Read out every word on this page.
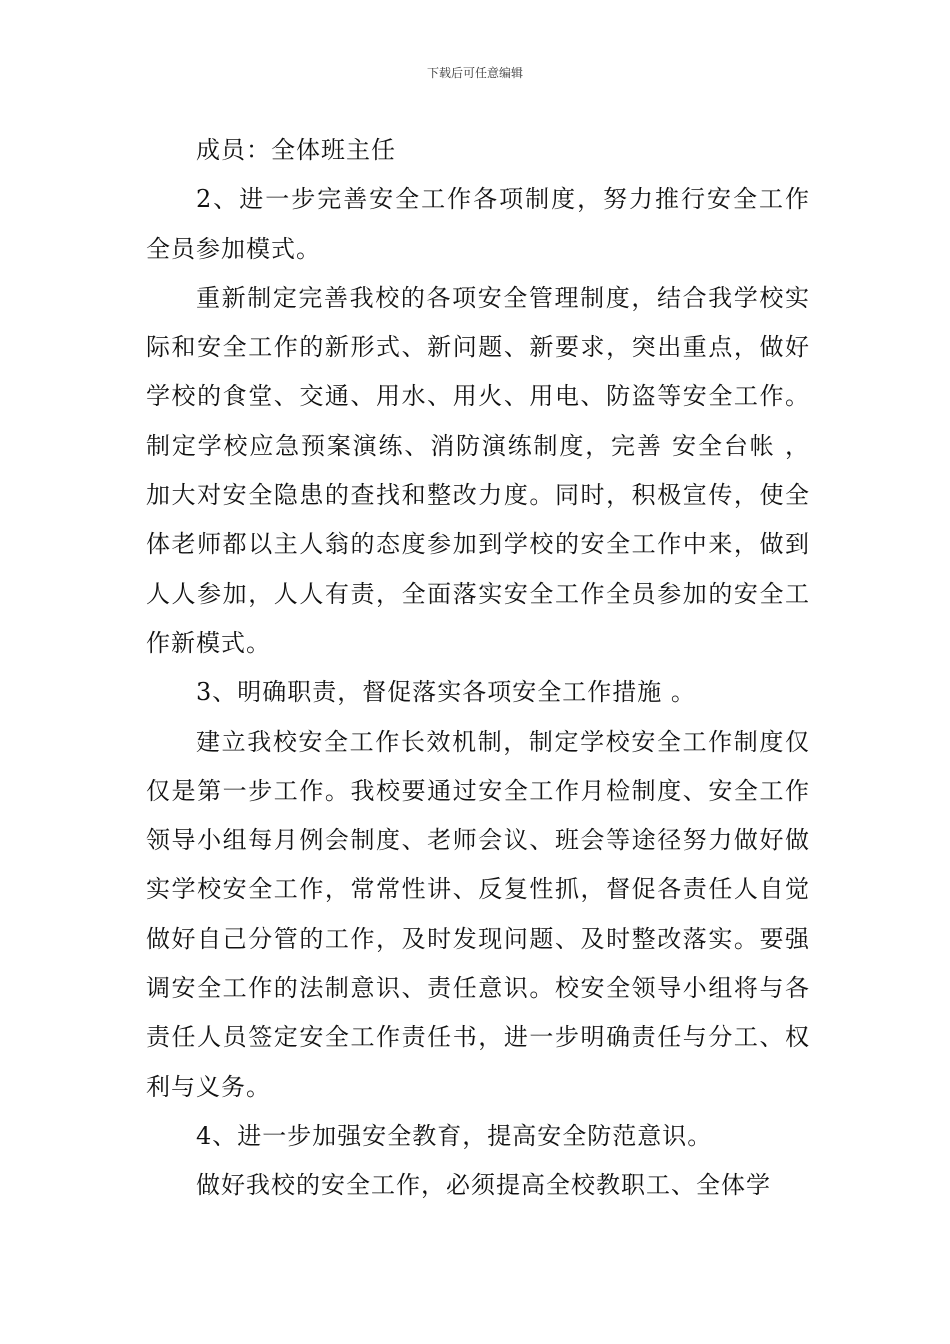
下载后可任意编辑

成员：全体班主任

2、进一步完善安全工作各项制度，努力推行安全工作全员参加模式。

重新制定完善我校的各项安全管理制度，结合我学校实际和安全工作的新形式、新问题、新要求，突出重点，做好学校的食堂、交通、用水、用火、用电、防盗等安全工作。制定学校应急预案演练、消防演练制度，完善 安全台帐 ，加大对安全隐患的查找和整改力度。同时，积极宣传，使全体老师都以主人翁的态度参加到学校的安全工作中来，做到人人参加，人人有责，全面落实安全工作全员参加的安全工作新模式。

3、明确职责，督促落实各项安全工作措施 。

建立我校安全工作长效机制，制定学校安全工作制度仅仅是第一步工作。我校要通过安全工作月检制度、安全工作领导小组每月例会制度、老师会议、班会等途径努力做好做实学校安全工作，常常性讲、反复性抓，督促各责任人自觉做好自己分管的工作，及时发现问题、及时整改落实。要强调安全工作的法制意识、责任意识。校安全领导小组将与各责任人员签定安全工作责任书，进一步明确责任与分工、权利与义务。

4、进一步加强安全教育，提高安全防范意识。

做好我校的安全工作，必须提高全校教职工、全体学
